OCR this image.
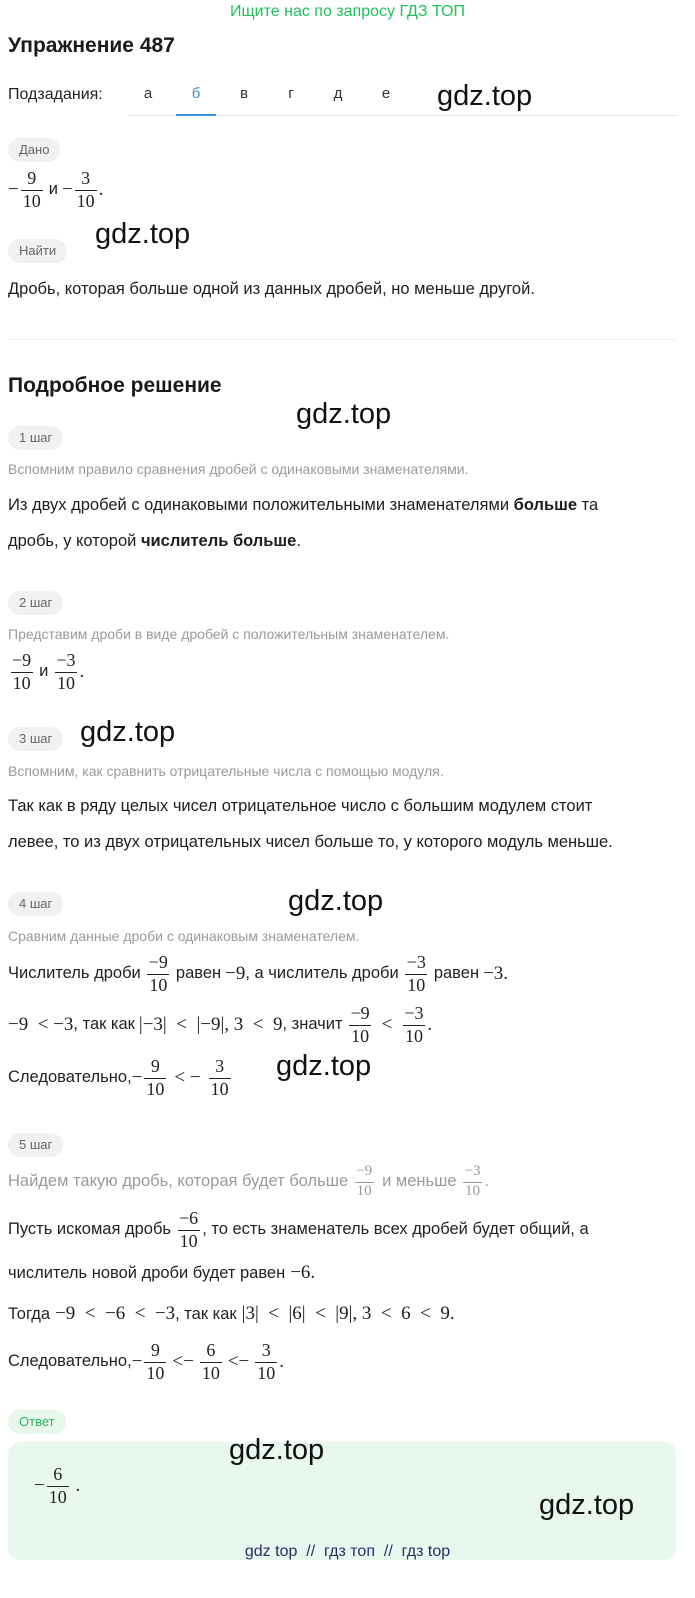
Ищите нас по запросу ГДЗ ТОП
Упражнение 487
Подзадания:	а	б	в	г	д	е	gdz.top
Дано
− $\frac{9}{10}$ $и - \frac{3}{10}$ .
Найти
gdz.top
Дробь, которая больше одной из данных дробей, но меньше другой.
Подробное решение
gdz.top
1 шаг
Вспомним правило сравнения дробей с одинаковыми знаменателями.
Из двух дробей с одинаковыми положительными знаменателями больше та
дробь, у которой числитель больше.
2 шаг
Представим дроби в виде дробей с положительным знаменателем.
$\frac{-9}{10}$ и $\frac{-3}{10}$ .
3 шаг gdz.top
Вспомним, как сравнить отрицательные числа с помощью модуля.
Так как в ряду целых чисел отрицательное число с большим модулем стоит
левее, то из двух отрицательных чисел больше то, у которого модуль меньше.
4 шаг	gdz.top
Сравним данные дроби с одинаковым знаменателем.
Числитель дроби $\frac{-9}{10}$ равен −9 , а числитель дроби $\frac{-3}{10}$ равен −3.
−9  < −3 , так как |−3|  <  |−9|, 3  <  9 , значит $\frac{-9}{10} < \frac{-3}{10}$ .
Следовательно, − $\frac{9}{10}$ < − $\frac{3}{10} gdz.top$
5 шаг
Найдем такую дробь, которая будет больше $\frac{-9}{10}$ и меньше $\frac{-3}{10}$ .
Пусть искомая дробь $\frac{-6}{10}$ , то есть знаменатель всех дробей будет общий, а
числитель новой дроби будет равен −6.
Тогда −9  <  −6  <  −3 , так как |3|  <  |6|  <  |9|, 3  <  6  <  9.
Следовательно, − $\frac{9}{10} <- \frac{6}{10} <- \frac{3}{10}$ .
Ответ
gdz.top
− $\frac{6}{10}$ .
gdz.top
gdz top  //  гдз топ  //  гдз top
